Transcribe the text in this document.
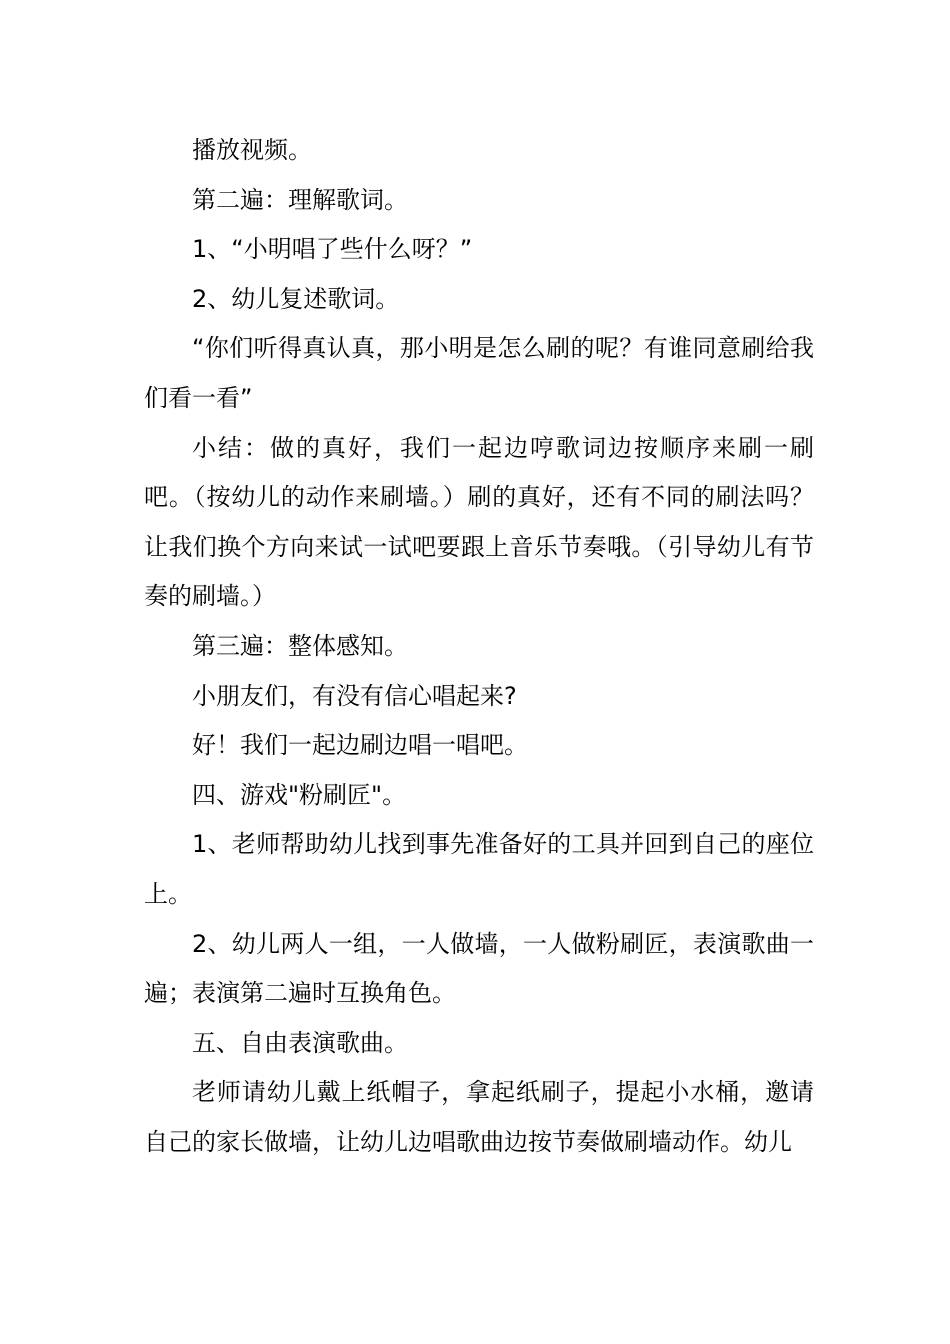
播放视频。

第二遍：理解歌词。

1、“小明唱了些什么呀？”

2、幼儿复述歌词。

“你们听得真认真，那小明是怎么刷的呢？有谁同意刷给我们看一看”

小结：做的真好，我们一起边哼歌词边按顺序来刷一刷吧。（按幼儿的动作来刷墙。）刷的真好，还有不同的刷法吗？让我们换个方向来试一试吧要跟上音乐节奏哦。（引导幼儿有节奏的刷墙。）

第三遍：整体感知。

小朋友们，有没有信心唱起来?

好！我们一起边刷边唱一唱吧。

四、游戏"粉刷匠"。

1、老师帮助幼儿找到事先准备好的工具并回到自己的座位上。

2、幼儿两人一组，一人做墙，一人做粉刷匠，表演歌曲一遍；表演第二遍时互换角色。

五、自由表演歌曲。

老师请幼儿戴上纸帽子，拿起纸刷子，提起小水桶，邀请自己的家长做墙，让幼儿边唱歌曲边按节奏做刷墙动作。幼儿
